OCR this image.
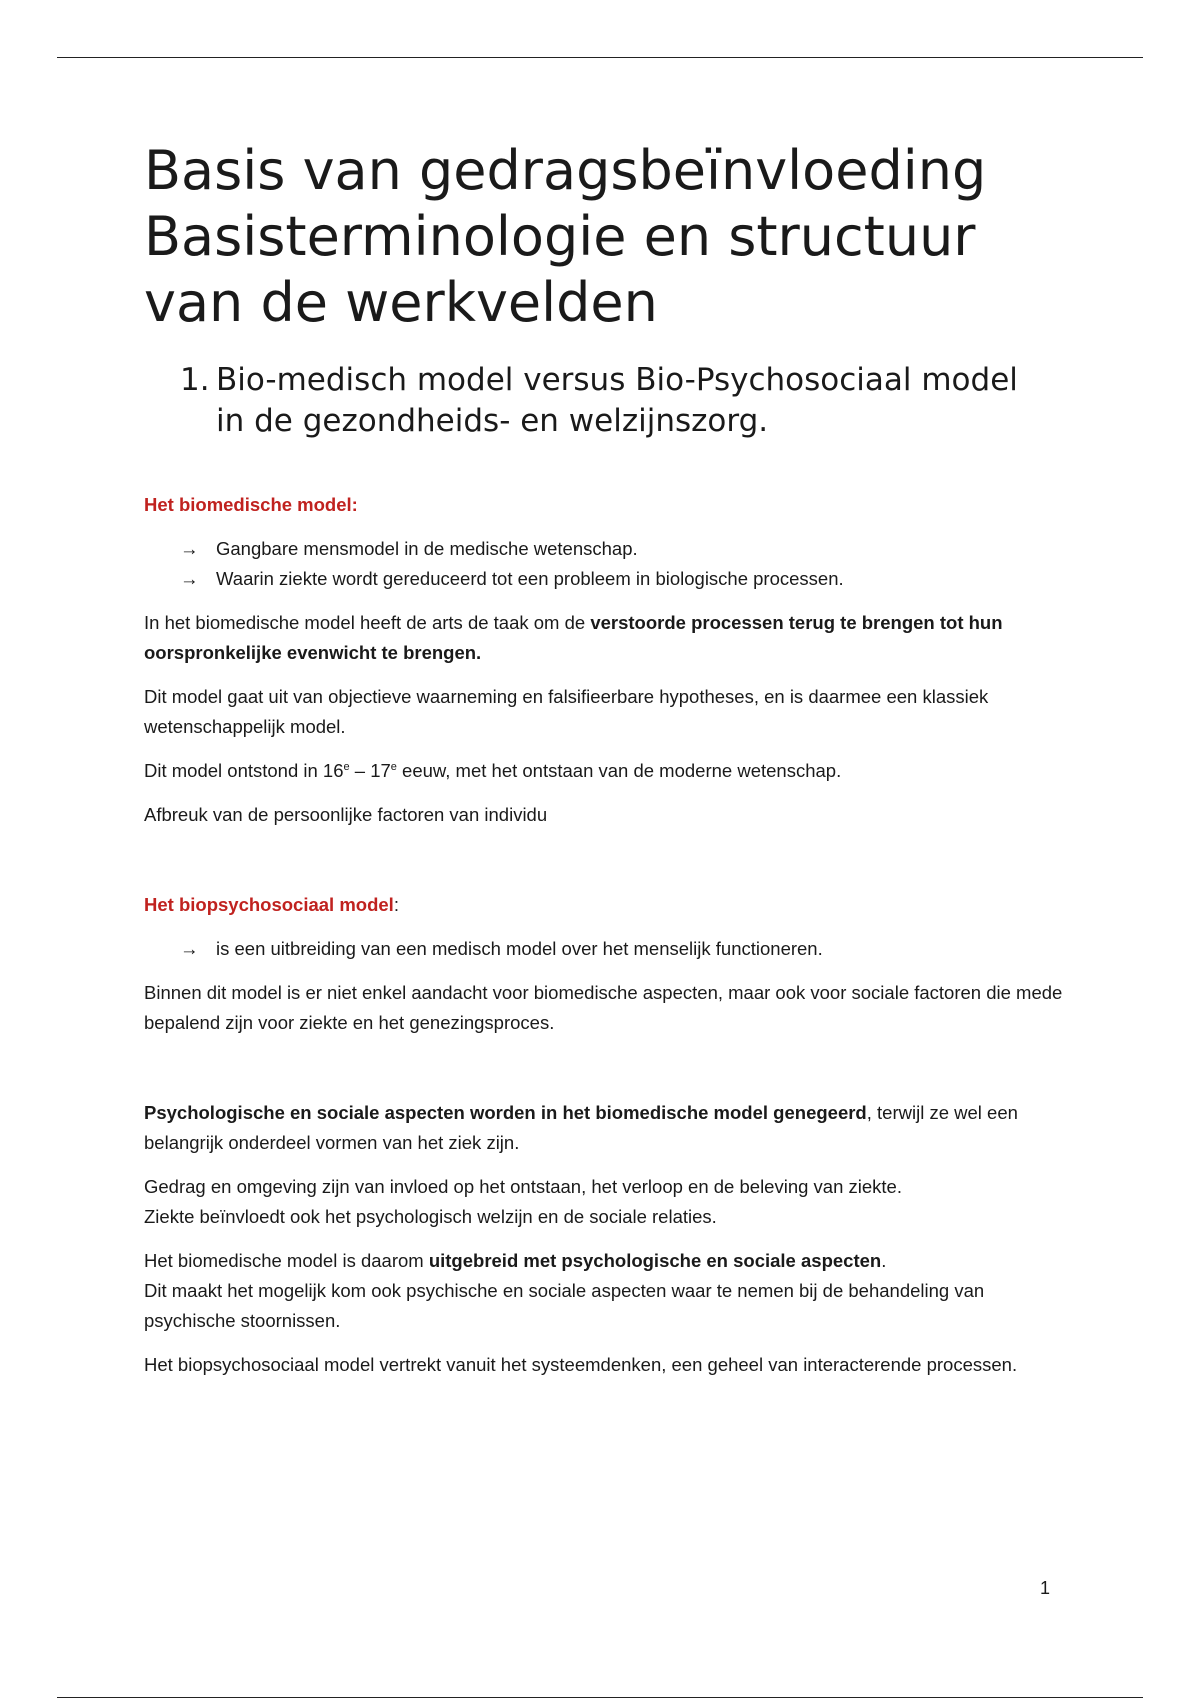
Basis van gedragsbeïnvloeding
Basisterminologie en structuur
van de werkvelden
1. Bio-medisch model versus Bio-Psychosociaal model
in de gezondheids- en welzijnszorg.

Het biomedische model:

→ Gangbare mensmodel in de medische wetenschap.
→ Waarin ziekte wordt gereduceerd tot een probleem in biologische processen.

In het biomedische model heeft de arts de taak om de verstoorde processen terug te brengen tot hun oorspronkelijke evenwicht te brengen.

Dit model gaat uit van objectieve waarneming en falsifieerbare hypotheses, en is daarmee een klassiek wetenschappelijk model.

Dit model ontstond in 16e – 17e eeuw, met het ontstaan van de moderne wetenschap.

Afbreuk van de persoonlijke factoren van individu

Het biopsychosociaal model:

→ is een uitbreiding van een medisch model over het menselijk functioneren.

Binnen dit model is er niet enkel aandacht voor biomedische aspecten, maar ook voor sociale factoren die mede bepalend zijn voor ziekte en het genezingsproces.

Psychologische en sociale aspecten worden in het biomedische model genegeerd, terwijl ze wel een belangrijk onderdeel vormen van het ziek zijn.

Gedrag en omgeving zijn van invloed op het ontstaan, het verloop en de beleving van ziekte.
Ziekte beïnvloedt ook het psychologisch welzijn en de sociale relaties.

Het biomedische model is daarom uitgebreid met psychologische en sociale aspecten.
Dit maakt het mogelijk kom ook psychische en sociale aspecten waar te nemen bij de behandeling van psychische stoornissen.

Het biopsychosociaal model vertrekt vanuit het systeemdenken, een geheel van interacterende processen.

1
